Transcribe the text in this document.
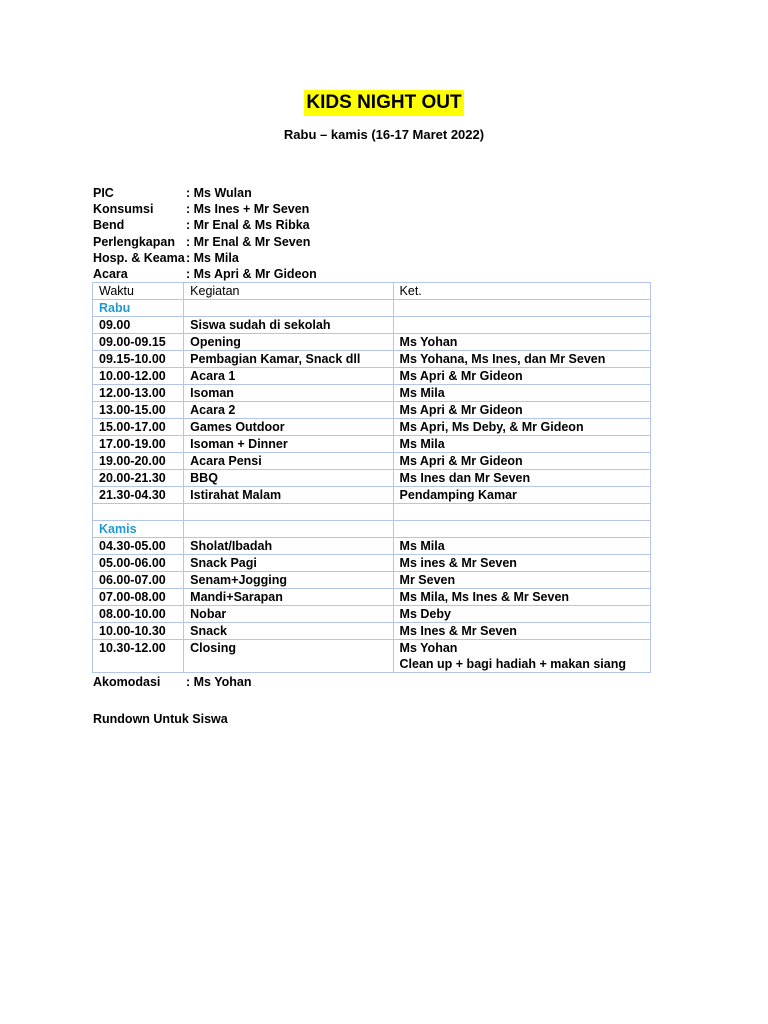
KIDS NIGHT OUT
Rabu – kamis (16-17 Maret 2022)
PIC	: Ms Wulan
Konsumsi	: Ms Ines + Mr Seven
Bend	: Mr Enal & Ms Ribka
Perlengkapan : Mr Enal & Mr Seven
Hosp. & Keama: Ms Mila
Acara	: Ms Apri & Mr Gideon
Waktu	Kegiatan	Ket.
Rabu		
09.00	Siswa sudah di sekolah	
09.00-09.15	Opening	Ms Yohan
09.15-10.00	Pembagian Kamar, Snack dll	Ms Yohana, Ms Ines, dan Mr Seven
10.00-12.00	Acara 1	Ms Apri & Mr Gideon
12.00-13.00	Isoman	Ms Mila
13.00-15.00	Acara 2	Ms Apri & Mr Gideon
15.00-17.00	Games Outdoor	Ms Apri, Ms Deby, & Mr Gideon
17.00-19.00	Isoman + Dinner	Ms Mila
19.00-20.00	Acara Pensi	Ms Apri & Mr Gideon
20.00-21.30	BBQ	Ms Ines dan Mr Seven
21.30-04.30	Istirahat Malam	Pendamping Kamar

Kamis		
04.30-05.00	Sholat/Ibadah	Ms Mila
05.00-06.00	Snack Pagi	Ms ines & Mr Seven
06.00-07.00	Senam+Jogging	Mr Seven
07.00-08.00	Mandi+Sarapan	Ms Mila, Ms Ines & Mr Seven
08.00-10.00	Nobar	Ms Deby
10.00-10.30	Snack	Ms Ines & Mr Seven
10.30-12.00	Closing	Ms Yohan
Clean up + bagi hadiah + makan siang
Akomodasi : Ms Yohan
Rundown Untuk Siswa
